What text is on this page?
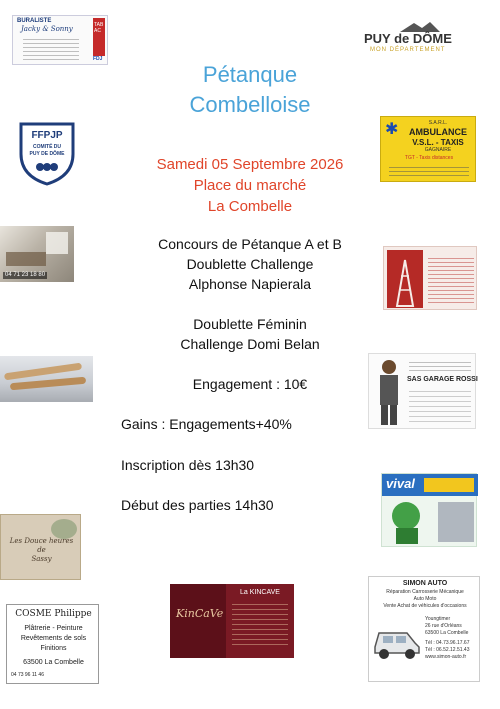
Pétanque
Combelloise
Samedi 05 Septembre 2026
Place du marché
La Combelle
Concours de Pétanque A et B
Doublette Challenge
Alphonse Napierala
Doublette Féminin
Challenge Domi Belan
Engagement : 10€
Gains : Engagements+40%
Inscription dès 13h30
Début des parties 14h30
BURALISTE
Jacky & Sonny	TABAC
FDJ
PUY de DÔME
MON DÉPARTEMENT
FFPJP
COMITÉ DU
PUY DE DÔME
✱	S.A.R.L.
AMBULANCE
V.S.L. - TAXIS
GAGNAIRE
TGT - Taxis distances
04 71 23 18 80
SAS GARAGE ROSSI
vival
Les Douce heures
de
Sassy
COSME Philippe
Plâtrerie - Peinture
Revêtements de sols
Finitions
63500 La Combelle
04 73 96 11 46
KinCaVe
La KINCAVE
SIMON AUTO
Réparation Carrosserie Mécanique
Auto Moto
Vente Achat de véhicules d'occasions
Youngtimer
26 rue d'Orléans
63500 La Combelle
Tél : 04.73.96.17.67
Tél : 06.52.12.51.43
www.simon-auto.fr
